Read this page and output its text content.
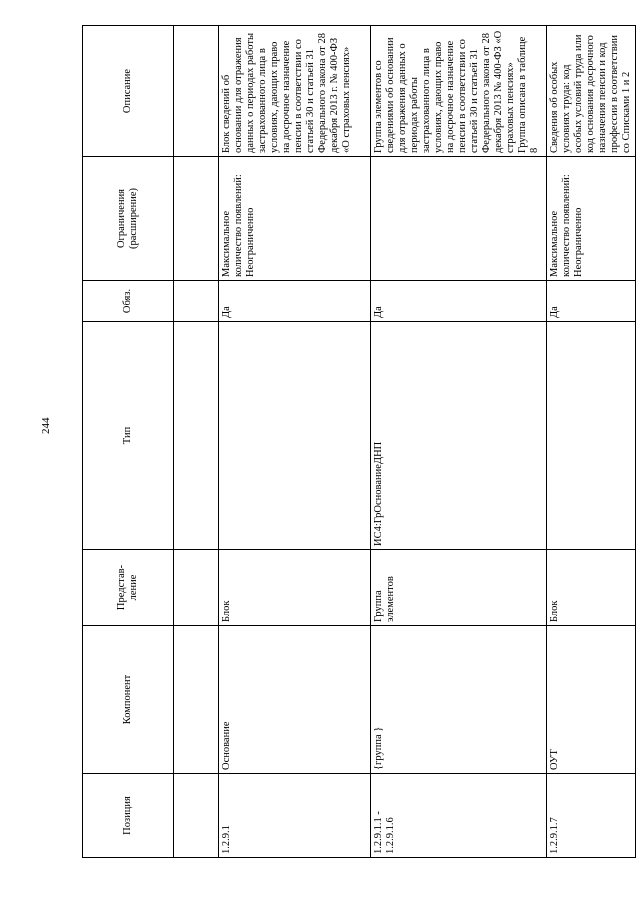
244
Позиция	Компонент	Представ-ление	Тип	Обяз.	Ограничения (расширение)	Описание

1.2.9.1	Основание	Блок		Да	Максимальное количество появлений: Неограниченно	Блок сведений об основании для отражения данных о периодах работы застрахованного лица в условиях, дающих право на досрочное назначение пенсии в соответствии со статьей 30 и статьей 31 Федерального закона от 28 декабря 2013 г. № 400-ФЗ «О страховых пенсиях»
1.2.9.1.1 - 1.2.9.1.6	{группа }	Группа элементов	ИС4:ГрОснованиеДНП	Да		Группа элементов со сведениями об основании для отражения данных о периодах работы застрахованного лица в условиях, дающих право на досрочное назначение пенсии в соответствии со статьей 30 и статьей 31 Федерального закона от 28 декабря 2013 № 400-ФЗ «О страховых пенсиях» Группа описана в таблице 8
1.2.9.1.7	ОУТ	Блок		Да	Максимальное количество появлений: Неограниченно	Сведения об особых условиях труда: код особых условий труда или код основания досрочного назначения пенсии и код профессии в соответствии со Списками 1 и 2
